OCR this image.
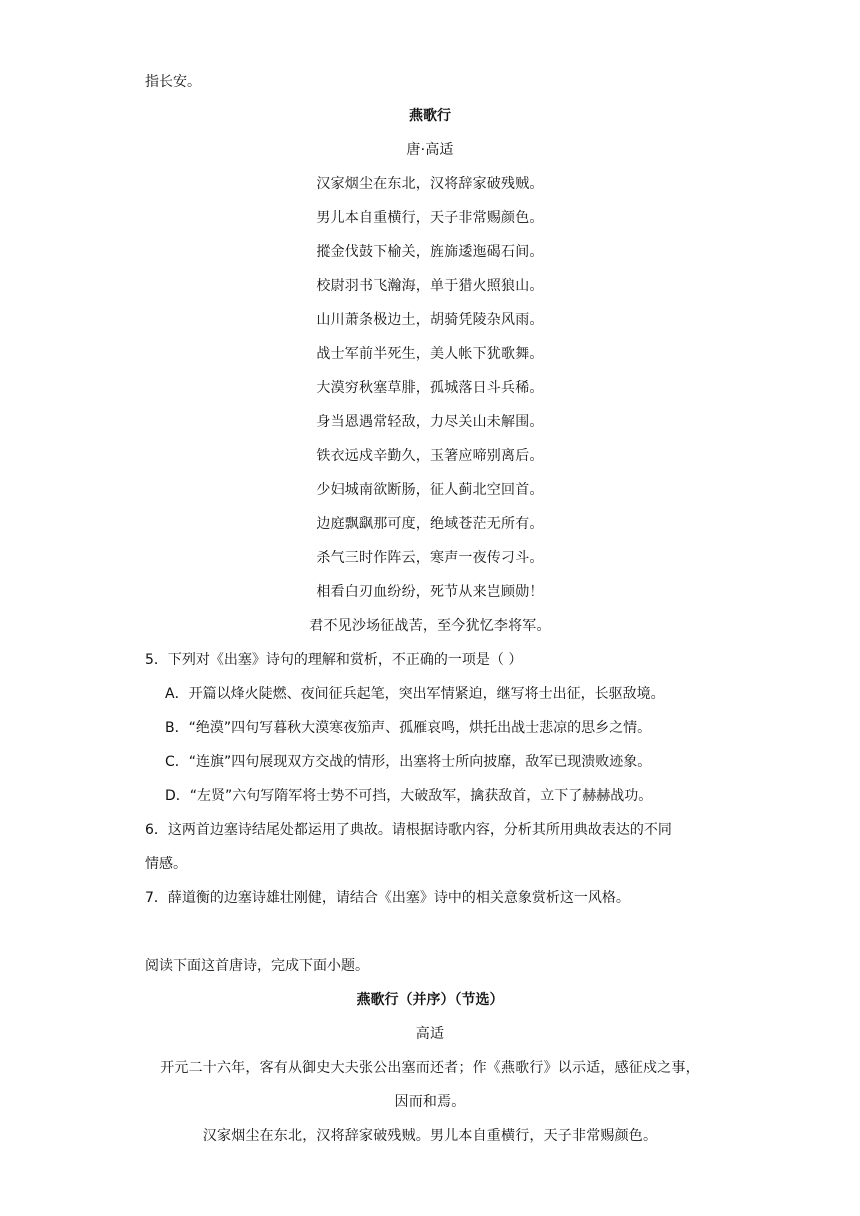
指长安。
燕歌行
唐·高适
汉家烟尘在东北，汉将辞家破残贼。
男儿本自重横行，天子非常赐颜色。
摐金伐鼓下榆关，旌旆逶迤碣石间。
校尉羽书飞瀚海，单于猎火照狼山。
山川萧条极边土，胡骑凭陵杂风雨。
战士军前半死生，美人帐下犹歌舞。
大漠穷秋塞草腓，孤城落日斗兵稀。
身当恩遇常轻敌，力尽关山未解围。
铁衣远戍辛勤久，玉箸应啼别离后。
少妇城南欲断肠，征人蓟北空回首。
边庭飘飖那可度，绝域苍茫无所有。
杀气三时作阵云，寒声一夜传刁斗。
相看白刃血纷纷，死节从来岂顾勋！
君不见沙场征战苦，至今犹忆李将军。
5．下列对《出塞》诗句的理解和赏析，不正确的一项是（ ）
A．开篇以烽火陡燃、夜间征兵起笔，突出军情紧迫，继写将士出征，长驱敌境。
B．“绝漠”四句写暮秋大漠寒夜笳声、孤雁哀鸣，烘托出战士悲凉的思乡之情。
C．“连旗”四句展现双方交战的情形，出塞将士所向披靡，敌军已现溃败迹象。
D．“左贤”六句写隋军将士势不可挡，大破敌军，擒获敌首，立下了赫赫战功。
6．这两首边塞诗结尾处都运用了典故。请根据诗歌内容，分析其所用典故表达的不同
情感。
7．薛道衡的边塞诗雄壮刚健，请结合《出塞》诗中的相关意象赏析这一风格。
阅读下面这首唐诗，完成下面小题。
燕歌行（并序）（节选）
高适
开元二十六年，客有从御史大夫张公出塞而还者；作《燕歌行》以示适，感征戍之事，
因而和焉。
汉家烟尘在东北，汉将辞家破残贼。男儿本自重横行，天子非常赐颜色。
